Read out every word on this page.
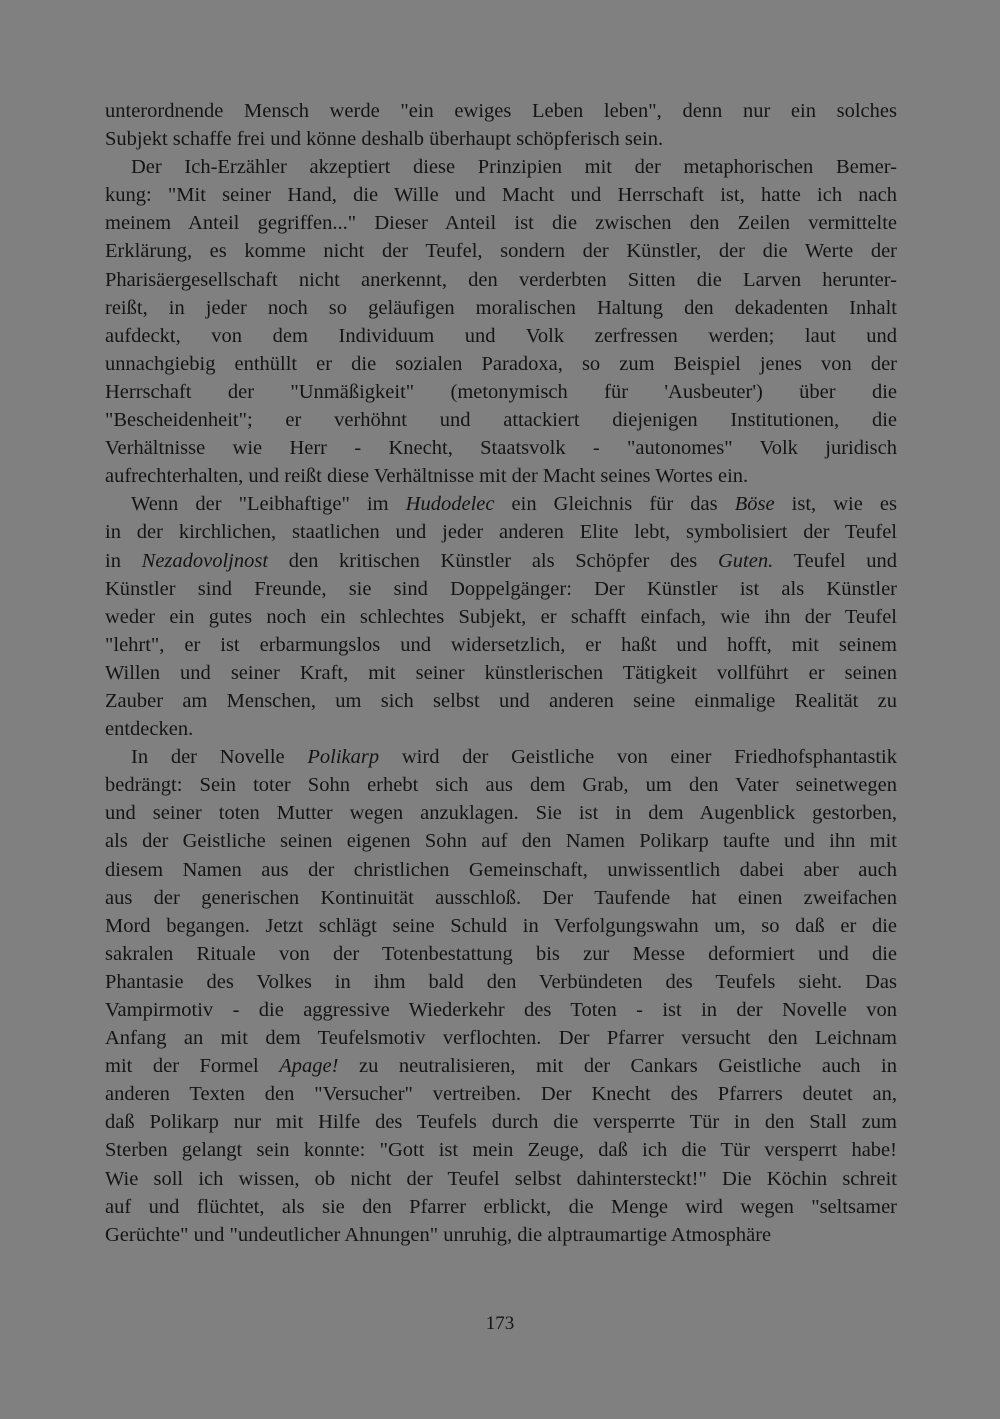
unterordnende Mensch werde "ein ewiges Leben leben", denn nur ein solches
Subjekt schaffe frei und könne deshalb überhaupt schöpferisch sein.
Der Ich-Erzähler akzeptiert diese Prinzipien mit der metaphorischen Bemer-
kung: "Mit seiner Hand, die Wille und Macht und Herrschaft ist, hatte ich nach
meinem Anteil gegriffen..." Dieser Anteil ist die zwischen den Zeilen vermittelte
Erklärung, es komme nicht der Teufel, sondern der Künstler, der die Werte der
Pharisäergesellschaft nicht anerkennt, den verderbten Sitten die Larven herunter-
reißt, in jeder noch so geläufigen moralischen Haltung den dekadenten Inhalt
aufdeckt, von dem Individuum und Volk zerfressen werden; laut und
unnachgiebig enthüllt er die sozialen Paradoxa, so zum Beispiel jenes von der
Herrschaft der "Unmäßigkeit" (metonymisch für 'Ausbeuter') über die
"Bescheidenheit"; er verhöhnt und attackiert diejenigen Institutionen, die
Verhältnisse wie Herr - Knecht, Staatsvolk - "autonomes" Volk juridisch
aufrechterhalten, und reißt diese Verhältnisse mit der Macht seines Wortes ein.
Wenn der "Leibhaftige" im Hudodelec ein Gleichnis für das Böse ist, wie es
in der kirchlichen, staatlichen und jeder anderen Elite lebt, symbolisiert der Teufel
in Nezadovoljnost den kritischen Künstler als Schöpfer des Guten. Teufel und
Künstler sind Freunde, sie sind Doppelgänger: Der Künstler ist als Künstler
weder ein gutes noch ein schlechtes Subjekt, er schafft einfach, wie ihn der Teufel
"lehrt", er ist erbarmungslos und widersetzlich, er haßt und hofft, mit seinem
Willen und seiner Kraft, mit seiner künstlerischen Tätigkeit vollführt er seinen
Zauber am Menschen, um sich selbst und anderen seine einmalige Realität zu
entdecken.
In der Novelle Polikarp wird der Geistliche von einer Friedhofsphantastik
bedrängt: Sein toter Sohn erhebt sich aus dem Grab, um den Vater seinetwegen
und seiner toten Mutter wegen anzuklagen. Sie ist in dem Augenblick gestorben,
als der Geistliche seinen eigenen Sohn auf den Namen Polikarp taufte und ihn mit
diesem Namen aus der christlichen Gemeinschaft, unwissentlich dabei aber auch
aus der generischen Kontinuität ausschloß. Der Taufende hat einen zweifachen
Mord begangen. Jetzt schlägt seine Schuld in Verfolgungswahn um, so daß er die
sakralen Rituale von der Totenbestattung bis zur Messe deformiert und die
Phantasie des Volkes in ihm bald den Verbündeten des Teufels sieht. Das
Vampirmotiv - die aggressive Wiederkehr des Toten - ist in der Novelle von
Anfang an mit dem Teufelsmotiv verflochten. Der Pfarrer versucht den Leichnam
mit der Formel Apage! zu neutralisieren, mit der Cankars Geistliche auch in
anderen Texten den "Versucher" vertreiben. Der Knecht des Pfarrers deutet an,
daß Polikarp nur mit Hilfe des Teufels durch die versperrte Tür in den Stall zum
Sterben gelangt sein konnte: "Gott ist mein Zeuge, daß ich die Tür versperrt habe!
Wie soll ich wissen, ob nicht der Teufel selbst dahintersteckt!" Die Köchin schreit
auf und flüchtet, als sie den Pfarrer erblickt, die Menge wird wegen "seltsamer
Gerüchte" und "undeutlicher Ahnungen" unruhig, die alptraumartige Atmosphäre
173
